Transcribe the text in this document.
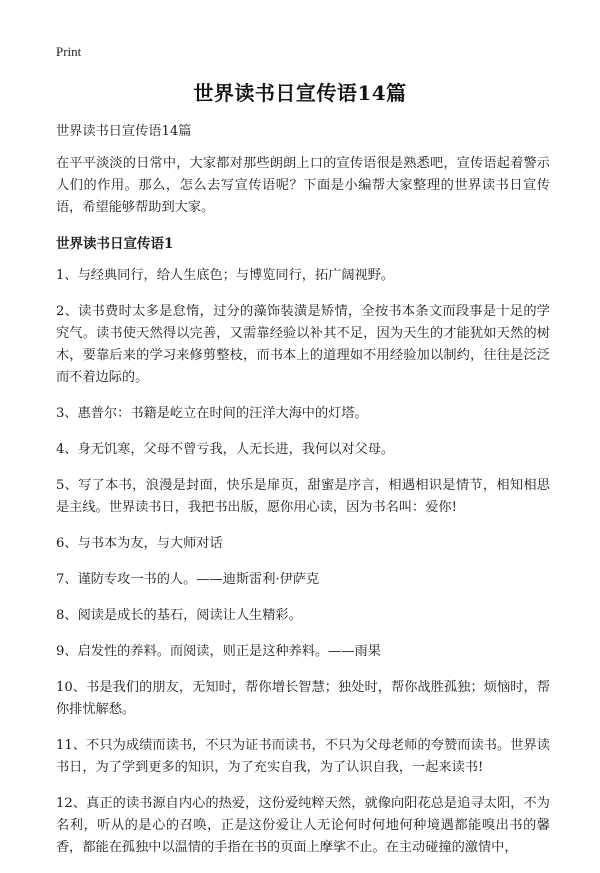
Print
世界读书日宣传语14篇

世界读书日宣传语14篇

在平平淡淡的日常中，大家都对那些朗朗上口的宣传语很是熟悉吧，宣传语起着警示人们的作用。那么，怎么去写宣传语呢？下面是小编帮大家整理的世界读书日宣传语，希望能够帮助到大家。

世界读书日宣传语1

1、与经典同行，给人生底色；与博览同行，拓广阔视野。

2、读书费时太多是怠惰，过分的藻饰装潢是矫情，全按书本条文而段事是十足的学究气。读书使天然得以完善，又需靠经验以补其不足，因为天生的才能犹如天然的树木，要靠后来的学习来修剪整枝，而书本上的道理如不用经验加以制约，往往是泛泛而不着边际的。

3、惠普尔：书籍是屹立在时间的汪洋大海中的灯塔。

4、身无饥寒，父母不曾亏我，人无长进，我何以对父母。

5、写了本书，浪漫是封面，快乐是扉页，甜蜜是序言，相遇相识是情节，相知相思是主线。世界读书日，我把书出版，愿你用心读，因为书名叫：爱你!

6、与书本为友，与大师对话

7、谨防专攻一书的人。——迪斯雷利·伊萨克

8、阅读是成长的基石，阅读让人生精彩。

9、启发性的养料。而阅读，则正是这种养料。——雨果

10、书是我们的朋友，无知时，帮你增长智慧；独处时，帮你战胜孤独；烦恼时，帮你排忧解愁。

11、不只为成绩而读书，不只为证书而读书，不只为父母老师的夸赞而读书。世界读书日，为了学到更多的知识，为了充实自我，为了认识自我，一起来读书!

12、真正的读书源自内心的热爱，这份爱纯粹天然，就像向阳花总是追寻太阳，不为名利，听从的是心的召唤，正是这份爱让人无论何时何地何种境遇都能嗅出书的馨香，都能在孤独中以温情的手指在书的页面上摩挲不止。在主动碰撞的激情中，
